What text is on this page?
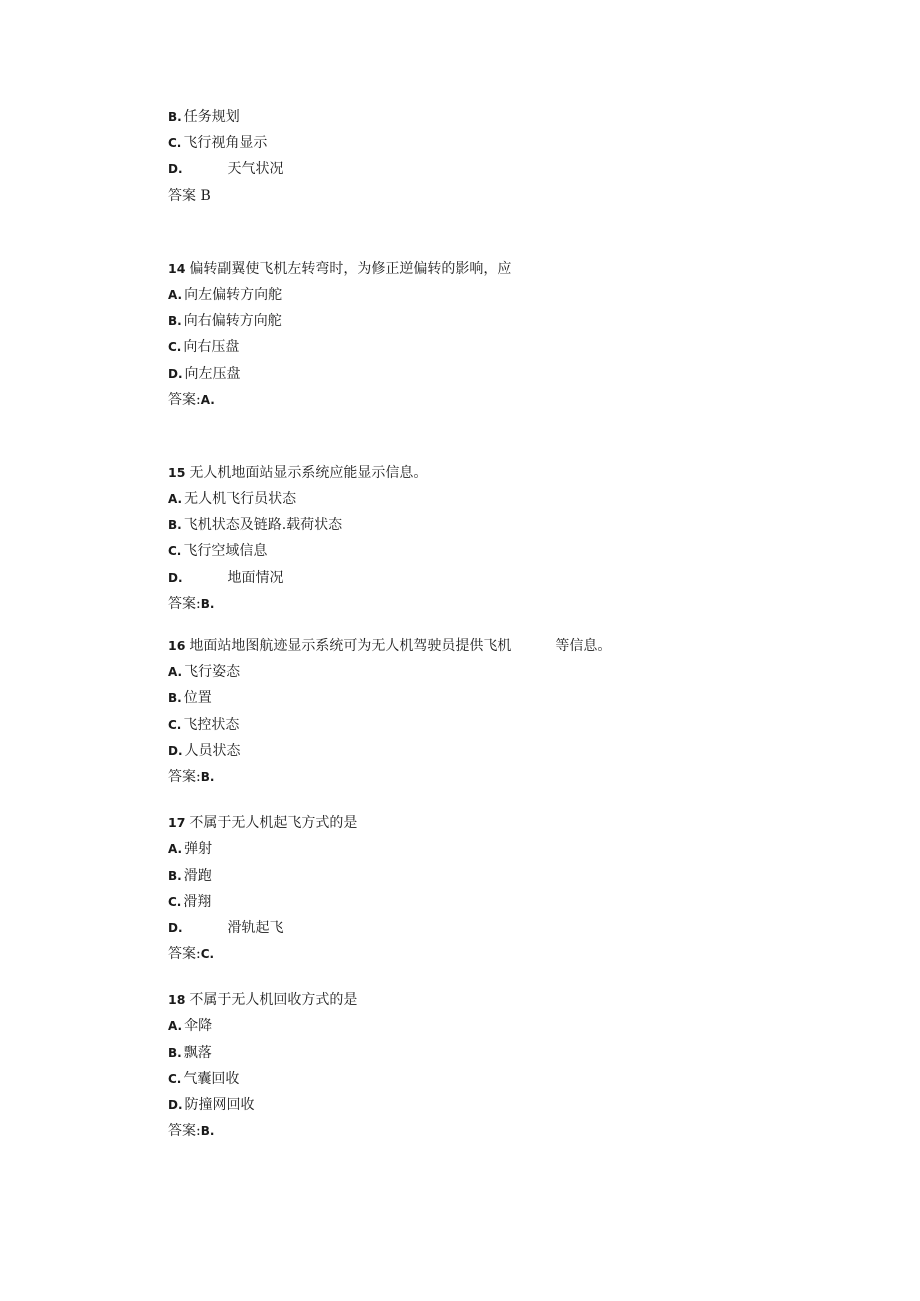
B. 任务规划
C. 飞行视角显示
D.	天气状况
答案 B
14 偏转副翼使飞机左转弯时，为修正逆偏转的影响，应
A. 向左偏转方向舵
B. 向右偏转方向舵
C. 向右压盘
D. 向左压盘
答案:A.
15 无人机地面站显示系统应能显示信息。
A. 无人机飞行员状态
B. 飞机状态及链路.载荷状态
C. 飞行空域信息
D.	地面情况
答案:B.
16 地面站地图航迹显示系统可为无人机驾驶员提供飞机	等信息。
A. 飞行姿态
B. 位置
C. 飞控状态
D. 人员状态
答案:B.
17 不属于无人机起飞方式的是
A. 弹射
B. 滑跑
C. 滑翔
D.	滑轨起飞
答案:C.
18 不属于无人机回收方式的是
A. 伞降
B. 飘落
C. 气囊回收
D. 防撞网回收
答案:B.
